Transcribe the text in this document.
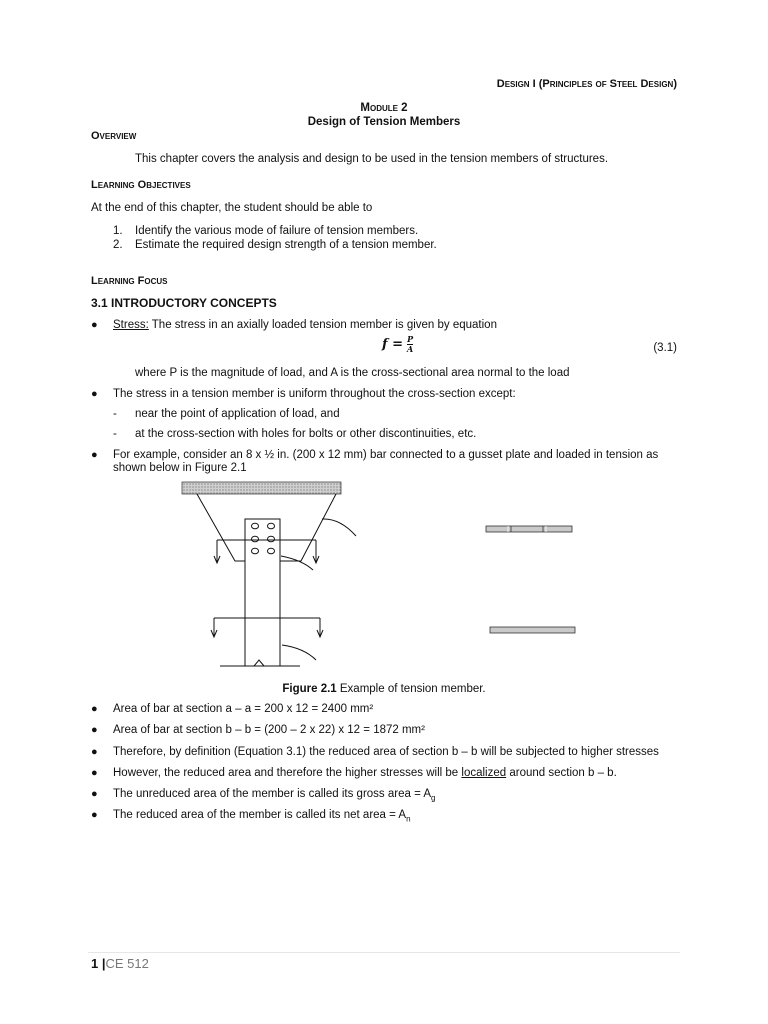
Design I (Principles of Steel Design)
Module 2
Design of Tension Members
Overview
This chapter covers the analysis and design to be used in the tension members of structures.
Learning Objectives
At the end of this chapter, the student should be able to
1. Identify the various mode of failure of tension members.
2. Estimate the required design strength of a tension member.
Learning Focus
3.1 INTRODUCTORY CONCEPTS
● Stress: The stress in an axially loaded tension member is given by equation
$f = \frac{P}{A}$	(3.1)
where P is the magnitude of load, and A is the cross-sectional area normal to the load
● The stress in a tension member is uniform throughout the cross-section except:
- near the point of application of load, and
- at the cross-section with holes for bolts or other discontinuities, etc.
● For example, consider an 8 x ½ in. (200 x 12 mm) bar connected to a gusset plate and loaded in tension as
shown below in Figure 2.1
Figure 2.1 Example of tension member.
● Area of bar at section a – a = 200 x 12 = 2400 mm²
● Area of bar at section b – b = (200 – 2 x 22) x 12 = 1872 mm²
● Therefore, by definition (Equation 3.1) the reduced area of section b – b will be subjected to higher stresses
● However, the reduced area and therefore the higher stresses will be localized around section b – b.
● The unreduced area of the member is called its gross area = $A_g$
● The reduced area of the member is called its net area = $A_n$
1 |CE 512
